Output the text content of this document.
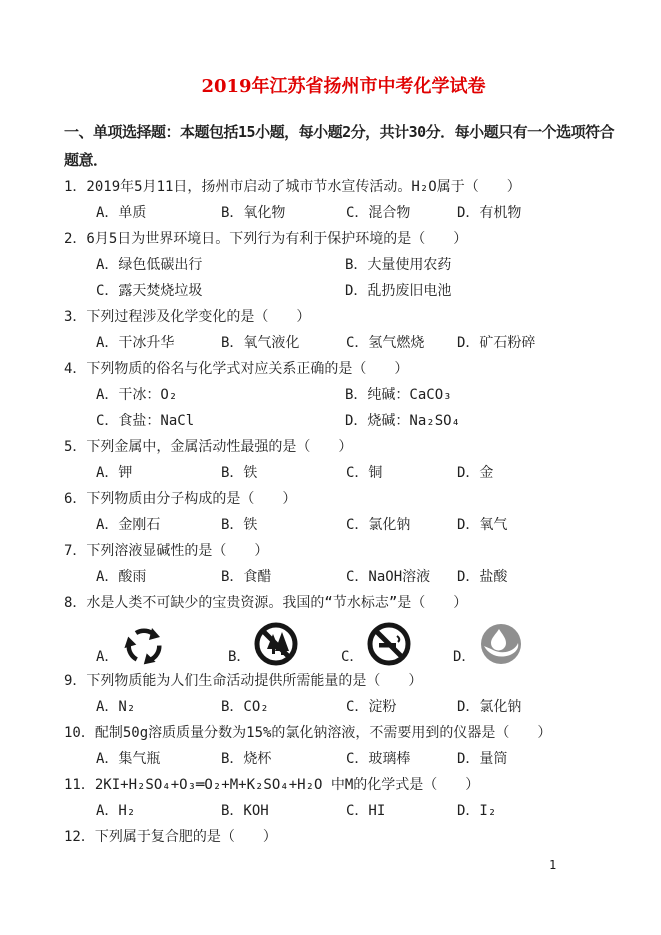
2019年江苏省扬州市中考化学试卷
一、单项选择题：本题包括15小题，每小题2分，共计30分．每小题只有一个选项符合
题意．
1．2019年5月11日，扬州市启动了城市节水宣传活动。H₂O属于（　　）
A．单质	B．氧化物	C．混合物	D．有机物
2．6月5日为世界环境日。下列行为有利于保护环境的是（　　）
A．绿色低碳出行	B．大量使用农药
C．露天焚烧垃圾	D．乱扔废旧电池
3．下列过程涉及化学变化的是（　　）
A．干冰升华	B．氧气液化	C．氢气燃烧 D．矿石粉碎
4．下列物质的俗名与化学式对应关系正确的是（　　）
A．干冰：O₂	B．纯碱：CaCO₃
C．食盐：NaCl	D．烧碱：Na₂SO₄
5．下列金属中，金属活动性最强的是（　　）
A．钾	B．铁	C．铜	D．金
6．下列物质由分子构成的是（　　）
A．金刚石	B．铁	C．氯化钠	D．氧气
7．下列溶液显碱性的是（　　）
A．酸雨	B．食醋	C．NaOH溶液 D．盐酸
8．水是人类不可缺少的宝贵资源。我国的“节水标志”是（　　）
A．	B．	C．	D．
9．下列物质能为人们生命活动提供所需能量的是（　　）
A．N₂	B．CO₂	C．淀粉	D．氯化钠
10．配制50g溶质质量分数为15%的氯化钠溶液，不需要用到的仪器是（　　）
A．集气瓶	B．烧杯	C．玻璃棒	D．量筒
11．2KI+H₂SO₄+O₃═O₂+M+K₂SO₄+H₂O 中M的化学式是（　　）
A．H₂	B．KOH	C．HI	D．I₂
12．下列属于复合肥的是（　　）
1
